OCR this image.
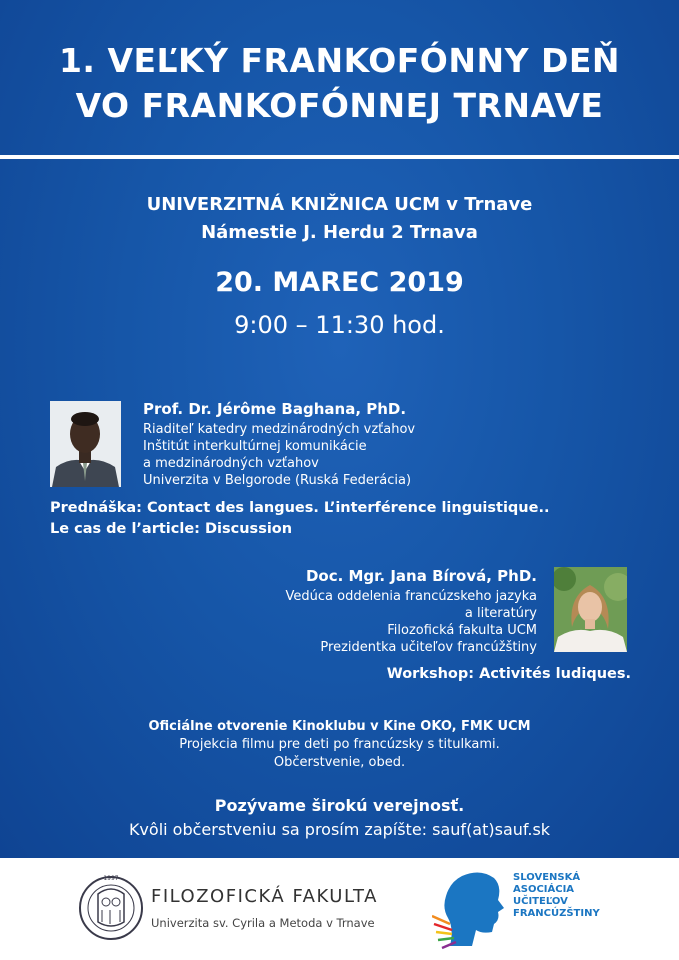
1. VEĽKÝ FRANKOFÓNNY DEŇ
VO FRANKOFÓNNEJ TRNAVE
UNIVERZITNÁ KNIŽNICA UCM v Trnave
Námestie J. Herdu 2 Trnava
20. MAREC 2019
9:00 – 11:30 hod.
Prof. Dr. Jérôme Baghana, PhD.
Riaditeľ katedry medzinárodných vzťahov
Inštitút interkultúrnej komunikácie
a medzinárodných vzťahov
Univerzita v Belgorode (Ruská Federácia)
Prednáška: Contact des langues. L’interférence linguistique..
Le cas de l’article: Discussion
Doc. Mgr. Jana Bírová, PhD.
Vedúca oddelenia francúzskeho jazyka
a literatúry
Filozofická fakulta UCM
Prezidentka učiteľov francúžštiny
Workshop: Activités ludiques.
Oficiálne otvorenie Kinoklubu v Kine OKO, FMK UCM
Projekcia filmu pre deti po francúzsky s titulkami.
Občerstvenie, obed.
Pozývame širokú verejnosť.
Kvôli občerstveniu sa prosím zapíšte: sauf(at)sauf.sk
1997
FILOZOFICKÁ FAKULTA
Univerzita sv. Cyrila a Metoda v Trnave
SLOVENSKÁ
ASOCIÁCIA
UČITEĽOV
FRANCÚZŠTINY
